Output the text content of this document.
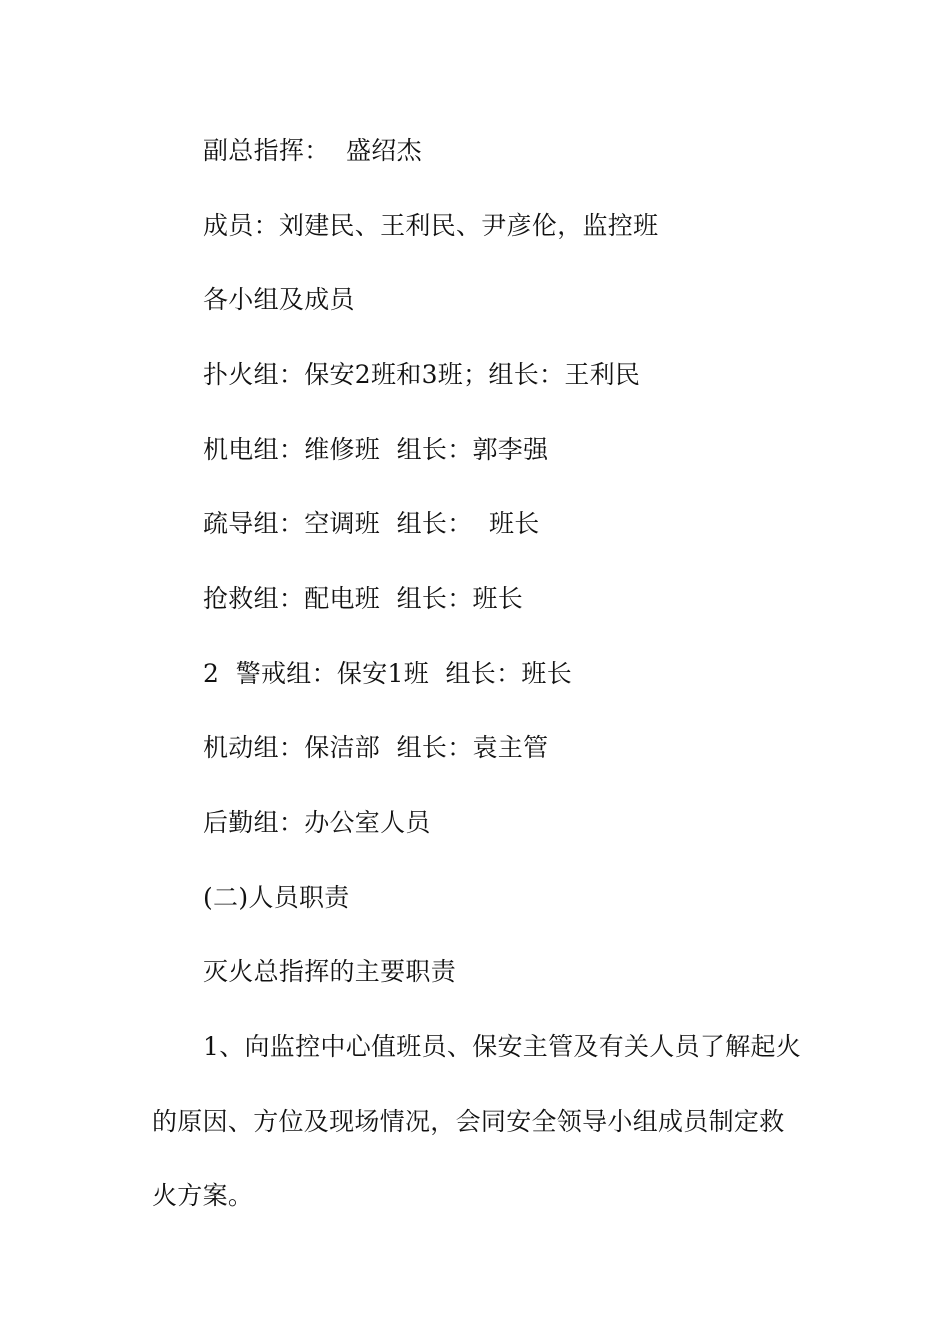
副总指挥：  盛绍杰
成员：刘建民、王利民、尹彦伦，监控班
各小组及成员
扑火组：保安2班和3班；组长：王利民
机电组：维修班  组长：郭李强
疏导组：空调班  组长：  班长
抢救组：配电班  组长：班长
2  警戒组：保安1班  组长：班长
机动组：保洁部  组长：袁主管
后勤组：办公室人员
(二)人员职责
灭火总指挥的主要职责
1、向监控中心值班员、保安主管及有关人员了解起火
的原因、方位及现场情况，会同安全领导小组成员制定救
火方案。
